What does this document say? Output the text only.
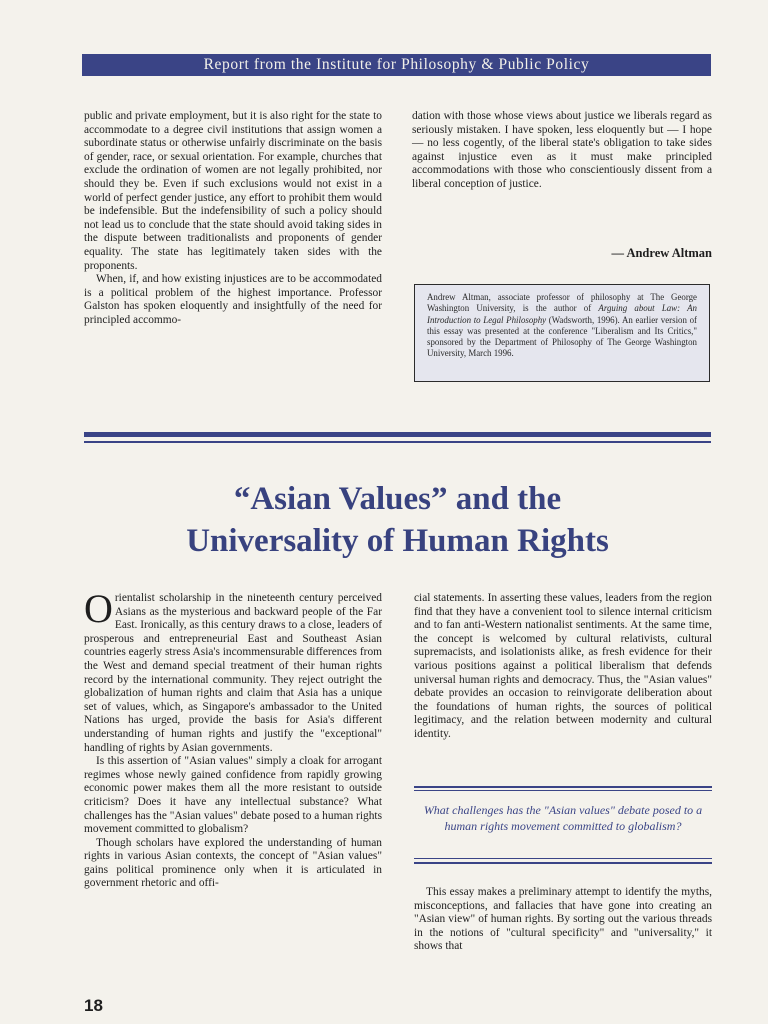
Report from the Institute for Philosophy & Public Policy

public and private employment, but it is also right for the state to accommodate to a degree civil institutions that assign women a subordinate status or otherwise unfairly discriminate on the basis of gender, race, or sexual orientation. For example, churches that exclude the ordination of women are not legally prohibited, nor should they be. Even if such exclusions would not exist in a world of perfect gender justice, any effort to prohibit them would be indefensible. But the indefensibility of such a policy should not lead us to conclude that the state should avoid taking sides in the dispute between traditionalists and proponents of gender equality. The state has legitimately taken sides with the proponents.

When, if, and how existing injustices are to be accommodated is a political problem of the highest importance. Professor Galston has spoken eloquently and insightfully of the need for principled accommo-

dation with those whose views about justice we liberals regard as seriously mistaken. I have spoken, less eloquently but — I hope — no less cogently, of the liberal state's obligation to take sides against injustice even as it must make principled accommodations with those who conscientiously dissent from a liberal conception of justice.

— Andrew Altman
Andrew Altman, associate professor of philosophy at The George Washington University, is the author of Arguing about Law: An Introduction to Legal Philosophy (Wadsworth, 1996). An earlier version of this essay was presented at the conference "Liberalism and Its Critics," sponsored by the Department of Philosophy of The George Washington University, March 1996.
“Asian Values” and the
Universality of Human Rights

Orientalist scholarship in the nineteenth century perceived Asians as the mysterious and backward people of the Far East. Ironically, as this century draws to a close, leaders of prosperous and entrepreneurial East and Southeast Asian countries eagerly stress Asia's incommensurable differences from the West and demand special treatment of their human rights record by the international community. They reject outright the globalization of human rights and claim that Asia has a unique set of values, which, as Singapore's ambassador to the United Nations has urged, provide the basis for Asia's different understanding of human rights and justify the "exceptional" handling of rights by Asian governments.

Is this assertion of "Asian values" simply a cloak for arrogant regimes whose newly gained confidence from rapidly growing economic power makes them all the more resistant to outside criticism? Does it have any intellectual substance? What challenges has the "Asian values" debate posed to a human rights movement committed to globalism?

Though scholars have explored the understanding of human rights in various Asian contexts, the concept of "Asian values" gains political prominence only when it is articulated in government rhetoric and offi-

cial statements. In asserting these values, leaders from the region find that they have a convenient tool to silence internal criticism and to fan anti-Western nationalist sentiments. At the same time, the concept is welcomed by cultural relativists, cultural supremacists, and isolationists alike, as fresh evidence for their various positions against a political liberalism that defends universal human rights and democracy. Thus, the "Asian values" debate provides an occasion to reinvigorate deliberation about the foundations of human rights, the sources of political legitimacy, and the relation between modernity and cultural identity.

What challenges has the "Asian values" debate posed to a human rights movement committed to globalism?

This essay makes a preliminary attempt to identify the myths, misconceptions, and fallacies that have gone into creating an "Asian view" of human rights. By sorting out the various threads in the notions of "cultural specificity" and "universality," it shows that

18
